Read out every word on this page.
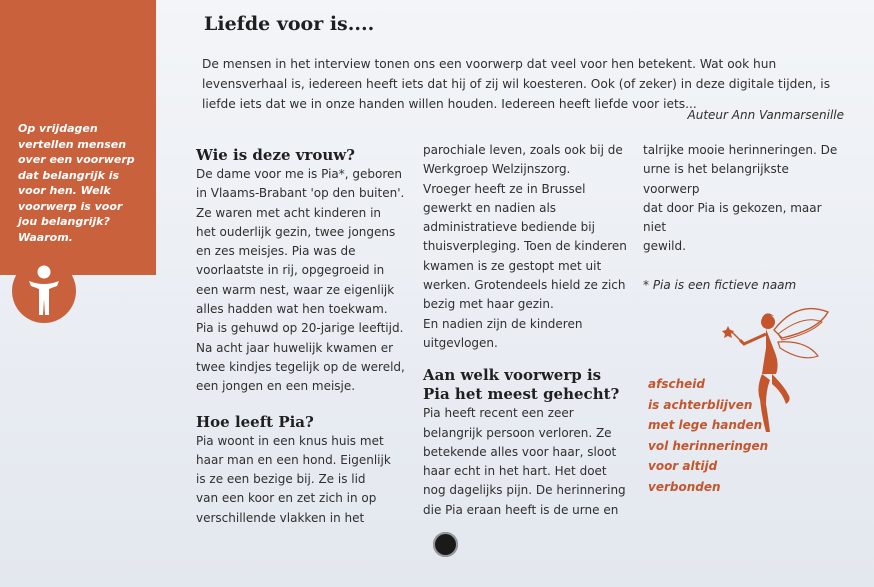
Op vrijdagen
vertellen mensen
over een voorwerp
dat belangrijk is
voor hen. Welk
voorwerp is voor
jou belangrijk?
Waarom.
Liefde voor is....

De mensen in het interview tonen ons een voorwerp dat veel voor hen betekent. Wat ook hun levensverhaal is, iedereen heeft iets dat hij of zij wil koesteren. Ook (of zeker) in deze digitale tijden, is liefde iets dat we in onze handen willen houden. Iedereen heeft liefde voor iets...

Auteur Ann Vanmarsenille
Wie is deze vrouw?

De dame voor me is Pia*, geboren

in Vlaams-Brabant 'op den buiten'.

Ze waren met acht kinderen in

het ouderlijk gezin, twee jongens

en zes meisjes. Pia was de

voorlaatste in rij, opgegroeid in

een warm nest, waar ze eigenlijk

alles hadden wat hen toekwam.

Pia is gehuwd op 20-jarige leeftijd.

Na acht jaar huwelijk kwamen er

twee kindjes tegelijk op de wereld,

een jongen en een meisje.

Hoe leeft Pia?

Pia woont in een knus huis met

haar man en een hond. Eigenlijk

is ze een bezige bij. Ze is lid

van een koor en zet zich in op

verschillende vlakken in het

parochiale leven, zoals ook bij de

Werkgroep Welzijnszorg.

Vroeger heeft ze in Brussel

gewerkt en nadien als

administratieve bediende bij

thuisverpleging. Toen de kinderen

kwamen is ze gestopt met uit

werken. Grotendeels hield ze zich

bezig met haar gezin.

En nadien zijn de kinderen

uitgevlogen.

Aan welk voorwerp is
Pia het meest gehecht?

Pia heeft recent een zeer

belangrijk persoon verloren. Ze

betekende alles voor haar, sloot

haar echt in het hart. Het doet

nog dagelijks pijn. De herinnering

die Pia eraan heeft is de urne en

talrijke mooie herinneringen. De

urne is het belangrijkste voorwerp

dat door Pia is gekozen, maar niet

gewild.

* Pia is een fictieve naam

afscheid
is achterblijven
met lege handen
vol herinneringen
voor altijd
verbonden
